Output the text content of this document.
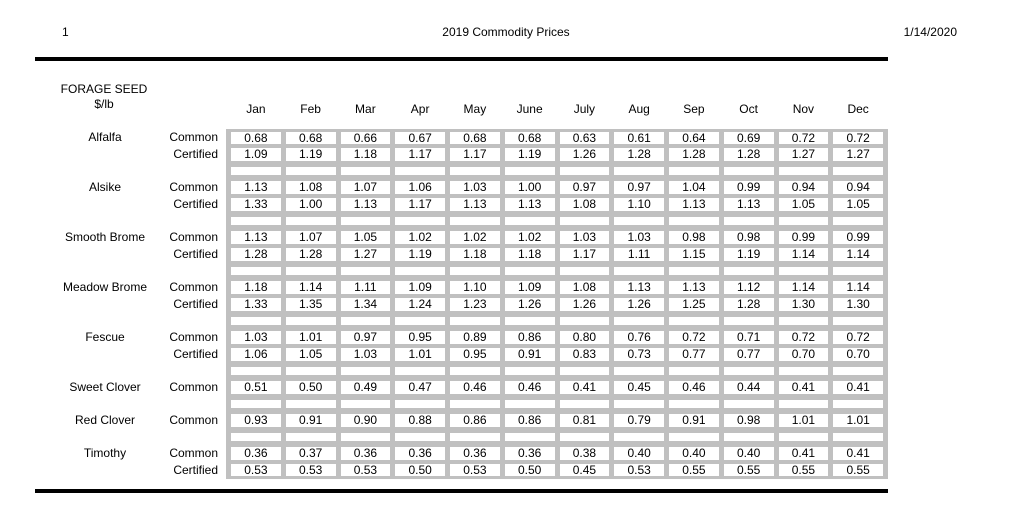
1	2019 Commodity Prices	1/14/2020
FORAGE SEED
$/lb	Jan	Feb	Mar	Apr	May	June	July	Aug	Sep	Oct	Nov	Dec
Alfalfa	Common	0.68	0.68	0.66	0.67	0.68	0.68	0.63	0.61	0.64	0.69	0.72	0.72
Certified	1.09	1.19	1.18	1.17	1.17	1.19	1.26	1.28	1.28	1.28	1.27	1.27
Alsike	Common	1.13	1.08	1.07	1.06	1.03	1.00	0.97	0.97	1.04	0.99	0.94	0.94
Certified	1.33	1.00	1.13	1.17	1.13	1.13	1.08	1.10	1.13	1.13	1.05	1.05
Smooth Brome	Common	1.13	1.07	1.05	1.02	1.02	1.02	1.03	1.03	0.98	0.98	0.99	0.99
Certified	1.28	1.28	1.27	1.19	1.18	1.18	1.17	1.11	1.15	1.19	1.14	1.14
Meadow Brome	Common	1.18	1.14	1.11	1.09	1.10	1.09	1.08	1.13	1.13	1.12	1.14	1.14
Certified	1.33	1.35	1.34	1.24	1.23	1.26	1.26	1.26	1.25	1.28	1.30	1.30
Fescue	Common	1.03	1.01	0.97	0.95	0.89	0.86	0.80	0.76	0.72	0.71	0.72	0.72
Certified	1.06	1.05	1.03	1.01	0.95	0.91	0.83	0.73	0.77	0.77	0.70	0.70
Sweet Clover	Common	0.51	0.50	0.49	0.47	0.46	0.46	0.41	0.45	0.46	0.44	0.41	0.41
Red Clover	Common	0.93	0.91	0.90	0.88	0.86	0.86	0.81	0.79	0.91	0.98	1.01	1.01
Timothy	Common	0.36	0.37	0.36	0.36	0.36	0.36	0.38	0.40	0.40	0.40	0.41	0.41
Certified	0.53	0.53	0.53	0.50	0.53	0.50	0.45	0.53	0.55	0.55	0.55	0.55
